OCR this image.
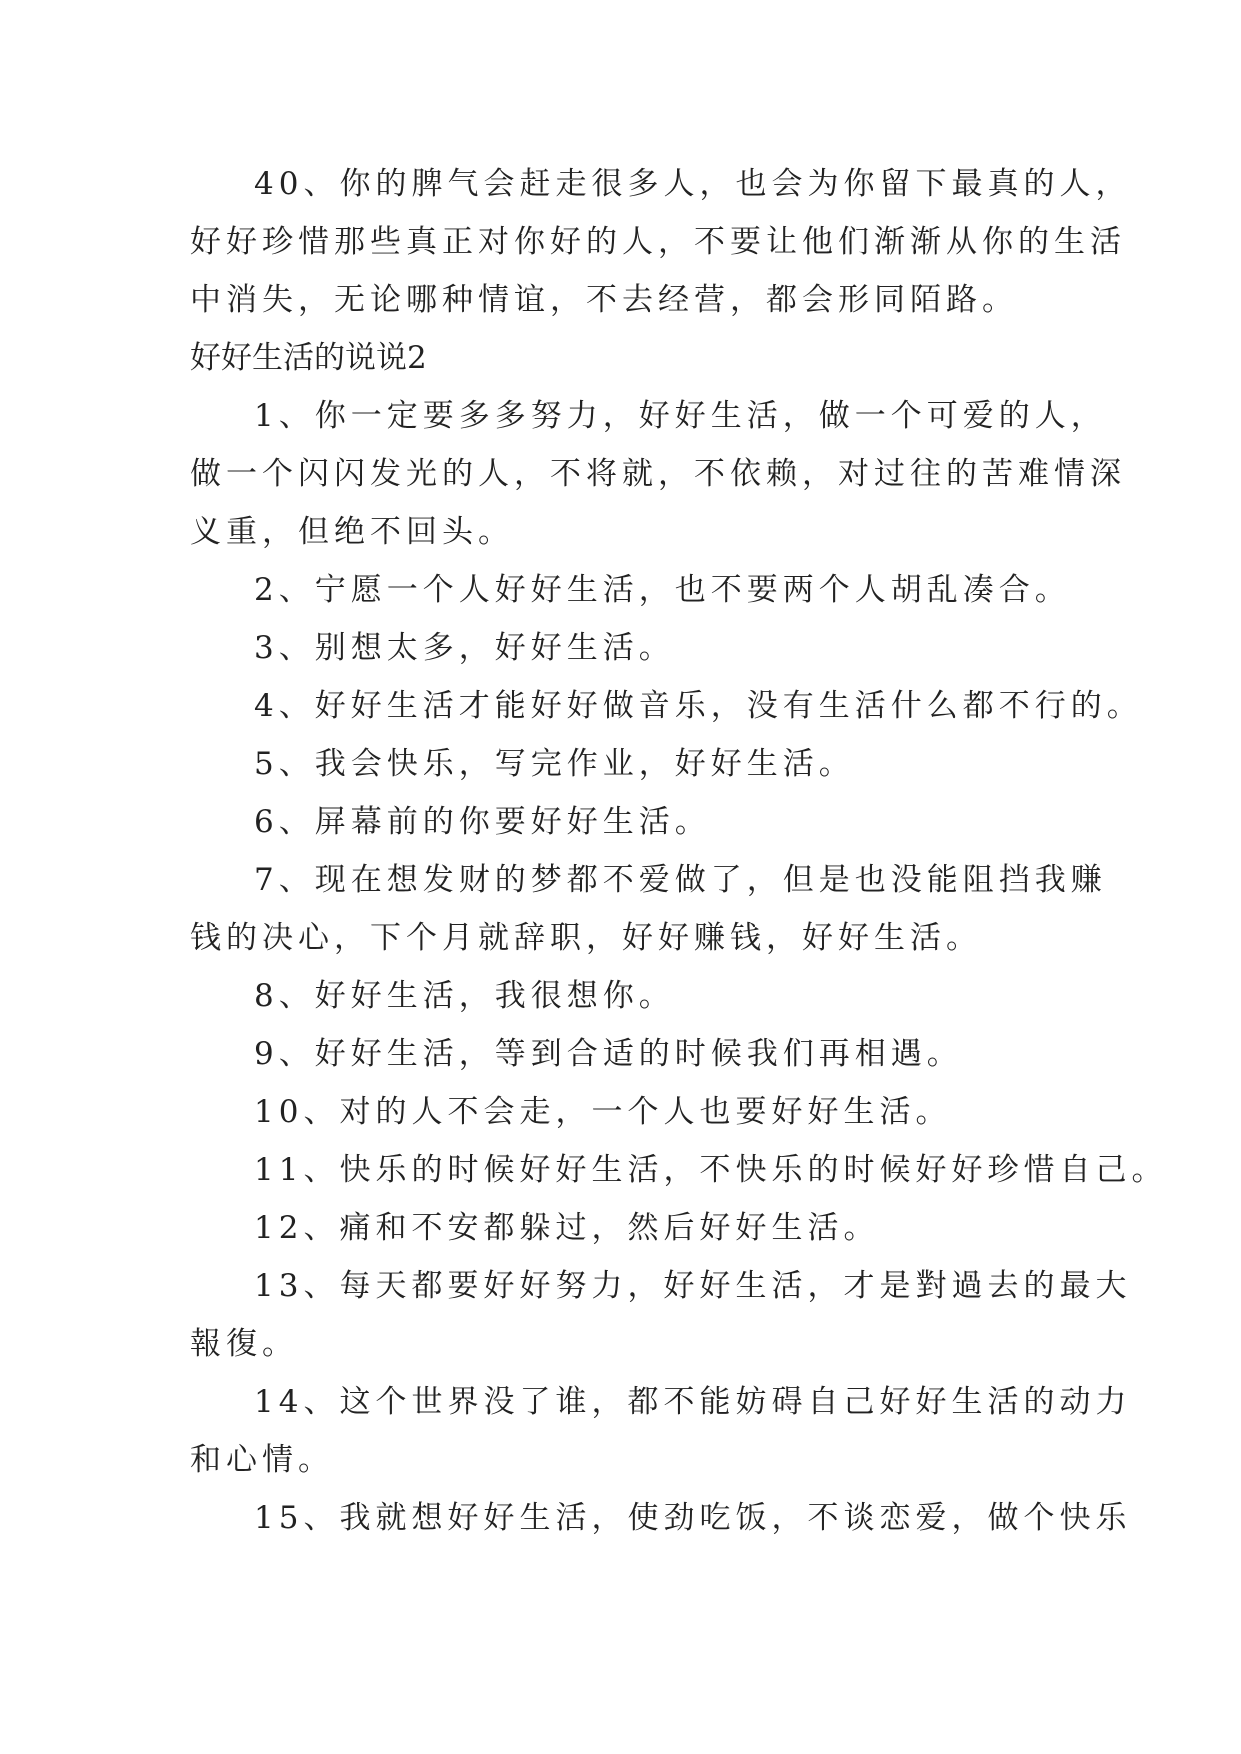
40、你的脾气会赶走很多人，也会为你留下最真的人，
好好珍惜那些真正对你好的人，不要让他们渐渐从你的生活
中消失，无论哪种情谊，不去经营，都会形同陌路。
好好生活的说说2
1、你一定要多多努力，好好生活，做一个可爱的人，
做一个闪闪发光的人，不将就，不依赖，对过往的苦难情深
义重，但绝不回头。
2、宁愿一个人好好生活，也不要两个人胡乱凑合。
3、别想太多，好好生活。
4、好好生活才能好好做音乐，没有生活什么都不行的。
5、我会快乐，写完作业，好好生活。
6、屏幕前的你要好好生活。
7、现在想发财的梦都不爱做了，但是也没能阻挡我赚
钱的决心，下个月就辞职，好好赚钱，好好生活。
8、好好生活，我很想你。
9、好好生活，等到合适的时候我们再相遇。
10、对的人不会走，一个人也要好好生活。
11、快乐的时候好好生活，不快乐的时候好好珍惜自己。
12、痛和不安都躲过，然后好好生活。
13、每天都要好好努力，好好生活，才是對過去的最大
報復。
14、这个世界没了谁，都不能妨碍自己好好生活的动力
和心情。
15、我就想好好生活，使劲吃饭，不谈恋爱，做个快乐
